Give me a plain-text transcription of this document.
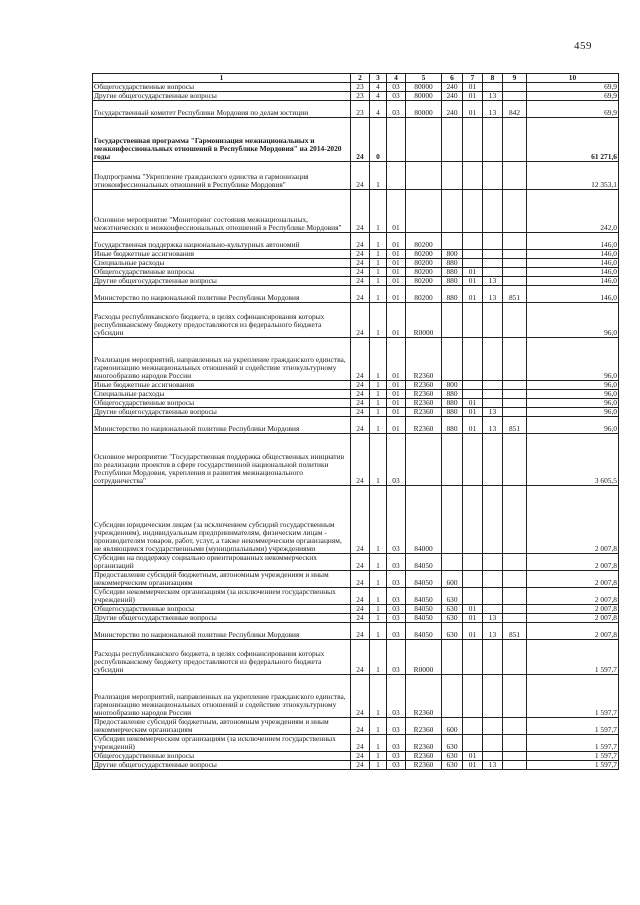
459
1	2	3	4	5	6	7	8	9	10
Общегосударственные вопросы	23	4	03	80000	240	01			69,9
Другие общегосударственные вопросы	23	4	03	80000	240	01	13		69,9
Государственный комитет Республики Мордовия по делам юстиции	23	4	03	80000	240	01	13	842	69,9
Государственная программа "Гармонизация межнациональных и межконфессиональных отношений в Республике Мордовия" на 2014-2020 годы	24	0							61 271,6
Подпрограмма "Укрепление гражданского единства и гармонизация этноконфессиональных отношений в Республике Мордовия"	24	1							12 353,1
Основное мероприятие "Мониторинг состояния межнациональных, межэтнических и межконфессиональных отношений в Республике Мордовия"	24	1	01						242,0
Государственная поддержка национально-культурных автономий	24	1	01	80200					146,0
Иные бюджетные ассигнования	24	1	01	80200	800				146,0
Специальные расходы	24	1	01	80200	880				146,0
Общегосударственные вопросы	24	1	01	80200	880	01			146,0
Другие общегосударственные вопросы	24	1	01	80200	880	01	13		146,0
Министерство по национальной политике Республики Мордовия	24	1	01	80200	880	01	13	851	146,0
Расходы республиканского бюджета, в целях софинансирования которых республиканскому бюджету предоставляются из федерального бюджета субсидии	24	1	01	R0000					96,0
Реализация мероприятий, направленных на укрепление гражданского единства, гармонизацию межнациональных отношений и содействие этнокультурному многообразию народов России	24	1	01	R2360					96,0
Иные бюджетные ассигнования	24	1	01	R2360	800				96,0
Специальные расходы	24	1	01	R2360	880				96,0
Общегосударственные вопросы	24	1	01	R2360	880	01			96,0
Другие общегосударственные вопросы	24	1	01	R2360	880	01	13		96,0
Министерство по национальной политике Республики Мордовия	24	1	01	R2360	880	01	13	851	96,0
Основное мероприятие "Государственная поддержка общественных инициатив по реализации проектов в сфере государственной национальной политики Республики Мордовия, укрепления и развития межнационального сотрудничества"	24	1	03						3 605,5
Субсидии юридическим лицам (за исключением субсидий государственным учреждениям), индивидуальным предпринимателям, физическим лицам - производителям товаров, работ, услуг, а также некоммерческим организациям, не являющимся государственными (муниципальными) учреждениями	24	1	03	84000					2 007,8
Субсидии на поддержку социально ориентированных некоммерческих организаций	24	1	03	84050					2 007,8
Предоставление субсидий бюджетным, автономным учреждениям и иным некоммерческим организациям	24	1	03	84050	600				2 007,8
Субсидии некоммерческим организациям (за исключением государственных учреждений)	24	1	03	84050	630				2 007,8
Общегосударственные вопросы	24	1	03	84050	630	01			2 007,8
Другие общегосударственные вопросы	24	1	03	84050	630	01	13		2 007,8
Министерство по национальной политике Республики Мордовия	24	1	03	84050	630	01	13	851	2 007,8
Расходы республиканского бюджета, в целях софинансирования которых республиканскому бюджету предоставляются из федерального бюджета субсидии	24	1	03	R0000					1 597,7
Реализация мероприятий, направленных на укрепление гражданского единства, гармонизацию межнациональных отношений и содействие этнокультурному многообразию народов России	24	1	03	R2360					1 597,7
Предоставление субсидий бюджетным, автономным учреждениям и иным некоммерческим организациям	24	1	03	R2360	600				1 597,7
Субсидии некоммерческим организациям (за исключением государственных учреждений)	24	1	03	R2360	630				1 597,7
Общегосударственные вопросы	24	1	03	R2360	630	01			1 597,7
Другие общегосударственные вопросы	24	1	03	R2360	630	01	13		1 597,7
